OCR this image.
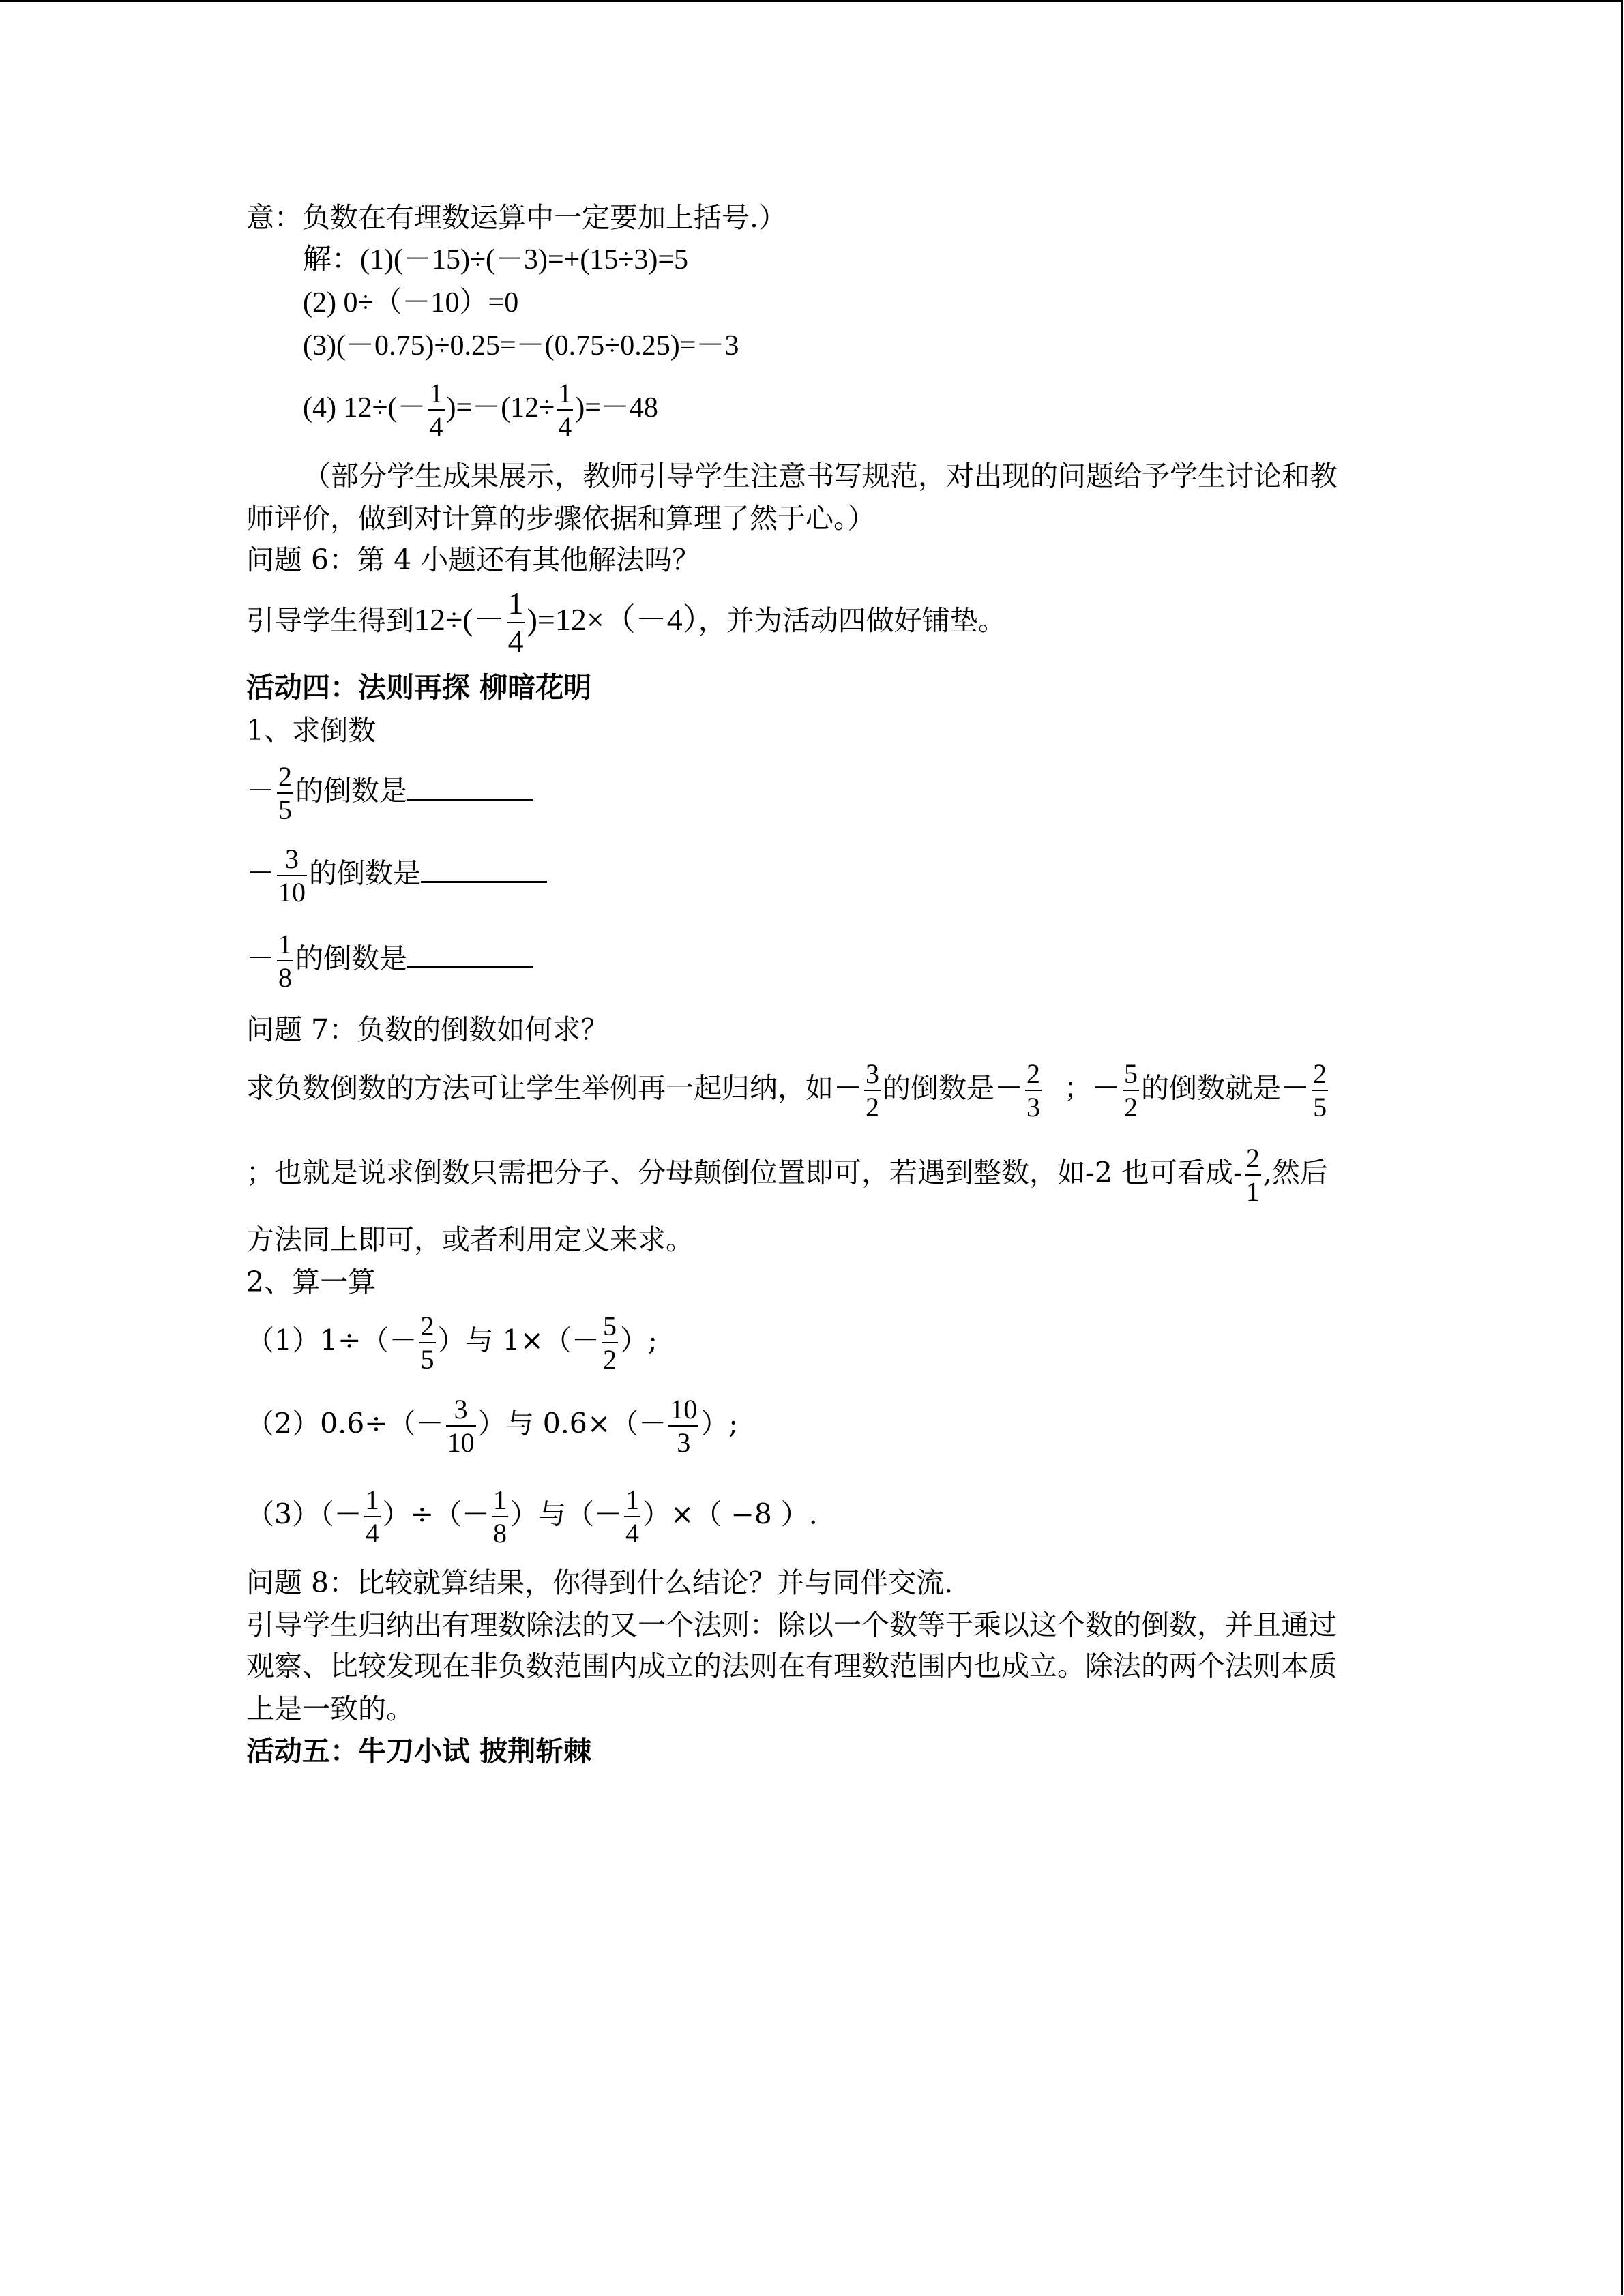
意：负数在有理数运算中一定要加上括号.）
解：(1)(－15)÷(－3)=+(15÷3)=5
(2) 0÷（－10）=0
(3)(－0.75)÷0.25=－(0.75÷0.25)=－3
(4) $12\div(- \frac{1}{4} )=-(12\div \frac{1}{4} )=-48$
（部分学生成果展示，教师引导学生注意书写规范，对出现的问题给予学生讨论和教
师评价，做到对计算的步骤依据和算理了然于心。）
问题 6：第 4 小题还有其他解法吗？
引导学生得到$12\div(- \frac{1}{4} )=12\times(-4)$，并为活动四做好铺垫。
活动四：法则再探 柳暗花明
1、求倒数
－ $\frac{2}{5}$ 的倒数是
－ $\frac{3}{10}$ 的倒数是
－ $\frac{1}{8}$ 的倒数是
问题 7：负数的倒数如何求？
求负数倒数的方法可让学生举例再一起归纳，如－ $\frac{3}{2}$ 的倒数是－ $\frac{2}{3}$ ；－ $\frac{5}{2}$ 的倒数就是－ $\frac{2}{5}$
；也就是说求倒数只需把分子、分母颠倒位置即可，若遇到整数，如-2 也可看成- $\frac{2}{1}$ ,然后
方法同上即可，或者利用定义来求。
2、算一算
$(1)1\div(- \frac{2}{5}$ ）与 $1\times(- \frac{5}{2}$ ）;
$(2)0.6\div(- \frac{3}{10}$ ）与 $0.6\times(- \frac{10}{3}$ ）;
$(3)(- \frac{1}{4}$ ）÷（－ $\frac{1}{8}$ ）与（－ $\frac{1}{4}$ ）×（ −8 ）.
问题 8：比较就算结果，你得到什么结论？并与同伴交流.
引导学生归纳出有理数除法的又一个法则：除以一个数等于乘以这个数的倒数，并且通过
观察、比较发现在非负数范围内成立的法则在有理数范围内也成立。除法的两个法则本质
上是一致的。
活动五：牛刀小试 披荆斩棘
